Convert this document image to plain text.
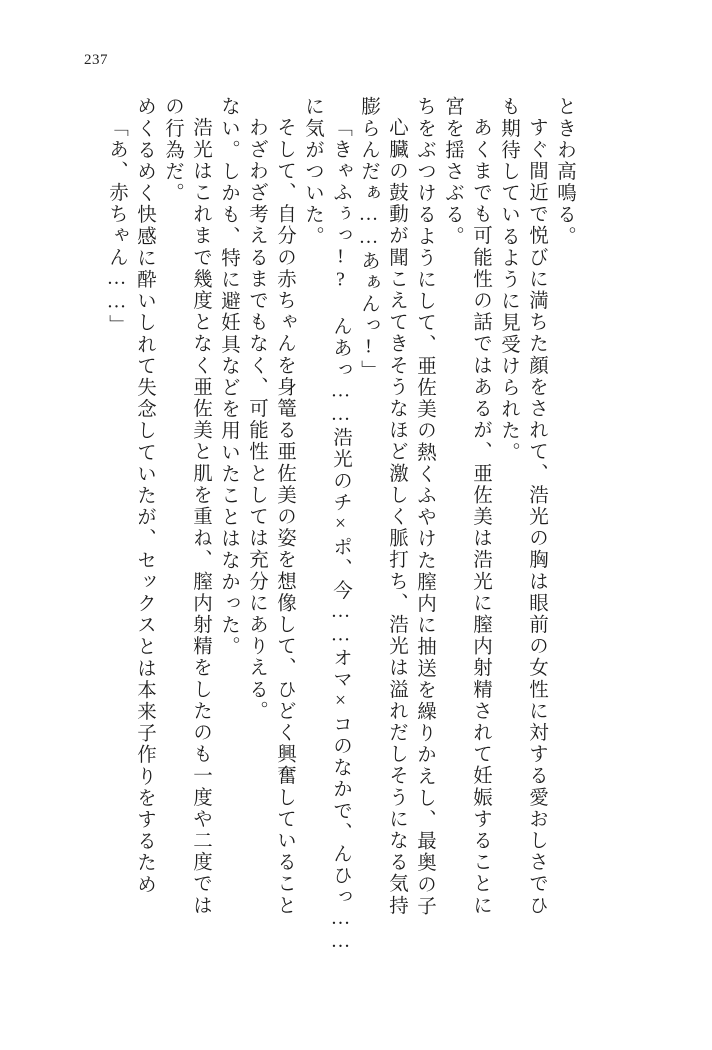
237
「あ、赤ちゃん……」 めくるめく快感に酔いしれて失念していたが、セックスとは本来子作りをするため の行為だ。 浩光はこれまで幾度となく亜佐美と肌を重ね、膣内射精をしたのも一度や二度では ない。しかも、特に避妊具などを用いたことはなかった。 わざわざ考えるまでもなく、可能性としては充分にありえる。 そして、自分の赤ちゃんを身篭る亜佐美の姿を想像して、ひどく興奮していること に気がついた。 「きゃふぅっ!? んあっ……浩光のチ×ポ、今……オマ×コのなかで、んひっ…… 膨らんだぁ……あぁんっ!」 心臓の鼓動が聞こえてきそうなほど激しく脈打ち、浩光は溢れだしそうになる気持 ちをぶつけるようにして、亜佐美の熱くふやけた膣内に抽送を繰りかえし、最奥の子 宮を揺さぶる。 あくまでも可能性の話ではあるが、亜佐美は浩光に膣内射精されて妊娠することに も期待しているように見受けられた。 すぐ間近で悦びに満ちた顔をされて、浩光の胸は眼前の女性に対する愛おしさでひ ときわ高鳴る。
